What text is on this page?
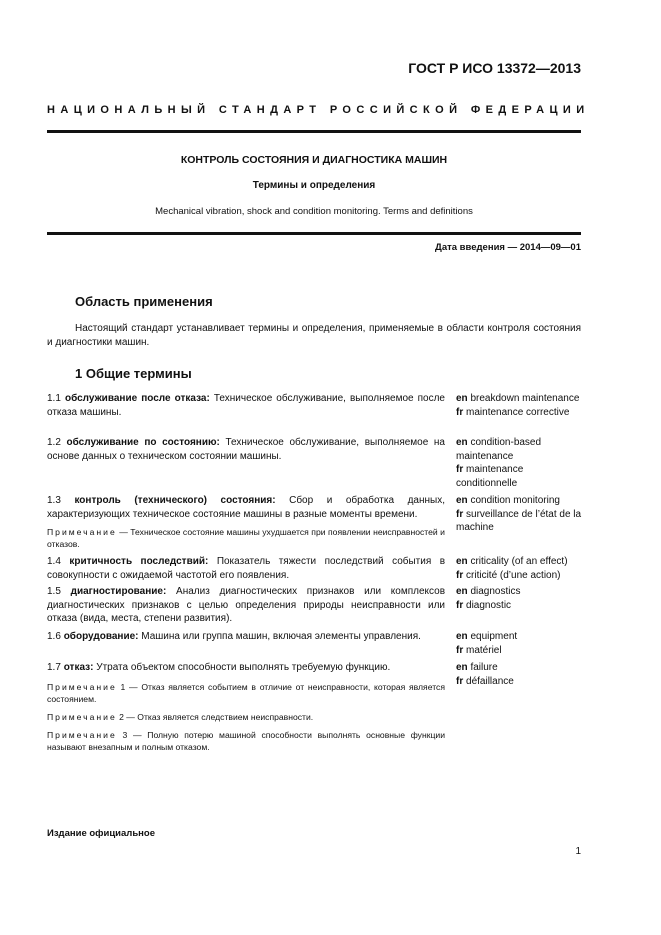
ГОСТ Р ИСО 13372—2013
НАЦИОНАЛЬНЫЙ СТАНДАРТ РОССИЙСКОЙ ФЕДЕРАЦИИ
КОНТРОЛЬ СОСТОЯНИЯ И ДИАГНОСТИКА МАШИН
Термины и определения
Mechanical vibration, shock and condition monitoring. Terms and definitions
Дата введения — 2014—09—01
Область применения
Настоящий стандарт устанавливает термины и определения, применяемые в области контроля состояния и диагностики машин.
1 Общие термины
1.1 обслуживание после отказа: Техническое обслуживание, выполняемое после отказа машины.
en breakdown maintenance
fr maintenance corrective
1.2 обслуживание по состоянию: Техническое обслуживание, выполняемое на основе данных о техническом состоянии машины.
en condition-based maintenance
fr maintenance conditionnelle
1.3 контроль (технического) состояния: Сбор и обработка данных, характеризующих техническое состояние машины в разные моменты времени.
Примечание — Техническое состояние машины ухудшается при появлении неисправностей и отказов.
en condition monitoring
fr surveillance de l’état de la machine
1.4 критичность последствий: Показатель тяжести последствий события в совокупности с ожидаемой частотой его появления.
en criticality (of an effect)
fr criticité (d’une action)
1.5 диагностирование: Анализ диагностических признаков или комплексов диагностических признаков с целью определения природы неисправности или отказа (вида, места, степени развития).
en diagnostics
fr diagnostic
1.6 оборудование: Машина или группа машин, включая элементы управления.	en equipment
fr matériel
1.7 отказ: Утрата объектом способности выполнять требуемую функцию.
Примечание 1 — Отказ является событием в отличие от неисправности, которая является состоянием.
Примечание 2 — Отказ является следствием неисправности.
Примечание 3 — Полную потерю машиной способности выполнять основные функции называют внезапным и полным отказом.
en failure
fr défaillance
Издание официальное
1
